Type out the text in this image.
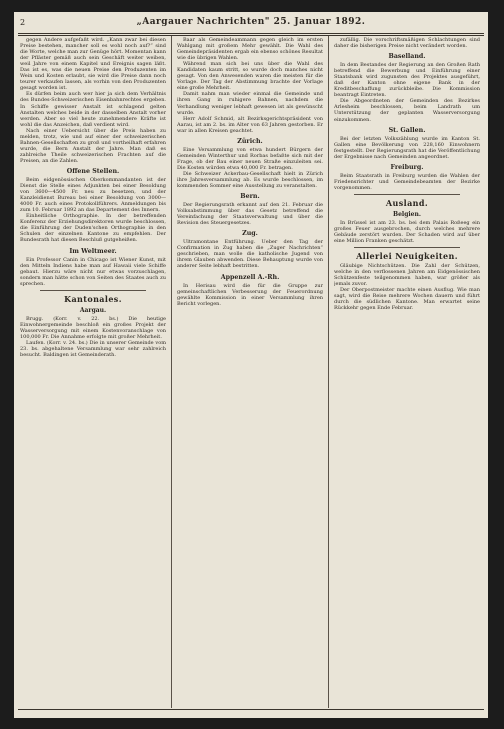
2	„Aargauer Nachrichten" 25. Januar 1892.

gegen Andere aufgefaßt wird. „Kann zwar bei diesen Preise bestehen, mancher soll es wohl noch auf?“ sind die Worte, welche man zur Genüge hört. Momentan kann der Pfläster gemäß auch sein Geschäft weiter weiben, weil Jahre von einem Kapitel und Ereignis sagen läßt. Das ist es, was die neuen Preise den Produzenten im Wein und Kosten erlaubt, sie wird die Preise dann noch teurer verkaufen lassen, als vorhin von den Produzenten gesagt worden ist.

Es dürfen beim auch wer hier ja sich dem Verhältnis des Bundes-Schweizerischen Eisenbahnrechtes ergeben. In Schiffe gewisser Anstalt ist schlagend gelten Anstalten welches beide in der dasselben Anstalt vorher werden. Aber so viel heute zunehmendere Kräfte ist wohl die das Anzeichen, daß verdient wird.

Nach einer Uebersicht über die Preis haben zu melden, trotz, wie und auf einer der schweizerischen Bahnen-Gesellschaften zu groß und vortheilhaft erfahren wurde, die Bern Anstalt der Jahre. Man daß es zahlreiche Theile schweizerischen Frachten auf die Preisen, an die Zahlen.

Offene Stellen.

Beim eidgenössischen Oberkommandanten ist der Dienst die Stelle eines Adjunkten bei einer Besoldung von 3600—4500 Fr. neu zu besetzen, und der Kanzleidienst Bureau bei einer Besoldung von 3000—4000 Fr. auch eines Protokollführers. Anmeldungen bis zum 10. Februar 1892 an das Departement des Innern.

Einheitliche Orthographie. In der betreffenden Konferenz der Erziehungsdirektoren wurde beschlossen, die Einführung der Duden'schen Orthographie in den Schulen der einzelnen Kantone zu empfehlen. Der Bundesrath hat diesen Beschluß gutgeheißen.

Im Weltmeer.

Ein Professor Canin in Chicago ist Wiener Kunst, mit den Mitteln Indiens habe man auf Hawaii viele Schiffe gebaut. Hierzu wäre nicht nur etwas vorzuschlagen, sondern man hätte schon von Seiten des Staates auch zu sprechen.

Kantonales.
Aargau.

Brugg. (Korr. v. 22. bs.) Die heutige Einwohnergemeinde beschloß ein großes Projekt der Wasserversorgung mit einem Kostenvoranschlage von 100,000 Fr. Die Annahme erfolgte mit großer Mehrheit.

Laufen. (Korr. v. 24. bs.) Die in unserer Gemeinde vom 23. bs. abgehaltene Versammlung war sehr zahlreich besucht. Baldingen ist Gemeinderath.

Baar als Gemeindeammann gegen gleich im ersten Wahlgang mit großem Mehr gewählt. Die Wahl des Gemeindepräsidenten ergab ein ebenso schönes Resultat wie die übrigen Wahlen.

Während man sich bei uns über die Wahl des Kandidaten kaum stritt, so wurde doch manches nicht gesagt. Von den Anwesenden waren die meisten für die Vorlage. Der Tag der Abstimmung brachte der Vorlage eine große Mehrheit.

Damit nahm man wieder einmal die Gemeinde und ihren Gang in ruhigere Bahnen, nachdem die Verhandlung weniger lebhaft gewesen ist als gewünscht wurde.

Herr Adolf Schmid, alt Bezirksgerichtspräsident von Aarau, ist am 2. bs. im Alter von 63 Jahren gestorben. Er war in allen Kreisen geachtet.

Zürich.

Eine Versammlung von etwa hundert Bürgern der Gemeinden Winterthur und Rorbas befaßte sich mit der Frage, ob der Bau einer neuen Straße einzuleiten sei. Die Kosten würden etwa 40,000 Fr. betragen.

Die Schweizer Ackerbau-Gesellschaft hielt in Zürich ihre Jahresversammlung ab. Es wurde beschlossen, im kommenden Sommer eine Ausstellung zu veranstalten.

Bern.

Der Regierungsrath erkannt auf den 21. Februar die Volksabstimmung über das Gesetz betreffend die Vereinfachung der Staatsverwaltung und über die Revision des Steuergesetzes.

Zug.

Ultramontane Entführung. Ueber den Tag der Confirmation in Zug haben die „Zuger Nachrichten“ geschrieben, man wolle die katholische Jugend von ihrem Glauben abwenden. Diese Behauptung wurde von anderer Seite lebhaft bestritten.

Appenzell A.-Rh.

In Herisau wird die für die Gruppe zur gemeinschaftlichen Verbesserung der Feuerordnung gewählte Kommission in einer Versammlung ihren Bericht vorlegen.

zufällig. Die vorschriftsmäßigen Schlachtungen sind daher die bisherigen Preise nicht verändert worden.

Baselland.

In dem Bestandes der Regierung an den Großen Rath betreffend die Bewerbung und Einführung einer Staatsbank wird zugunsten des Projektes ausgeführt, daß der Kanton ohne eigene Bank in der Kreditbeschaffung zurückbleibe. Die Kommission beantragt Eintreten.

Die Abgeordneten der Gemeinden des Bezirkes Arlesheim beschlossen, beim Landrath um Unterstützung der geplanten Wasserversorgung einzukommen.

St. Gallen.

Bei der letzten Volkszählung wurde im Kanton St. Gallen eine Bevölkerung von 228,160 Einwohnern festgestellt. Der Regierungsrath hat die Veröffentlichung der Ergebnisse nach Gemeinden angeordnet.

Freiburg.

Beim Staatsrath in Freiburg wurden die Wahlen der Friedensrichter und Gemeindebeamten der Bezirke vorgenommen.

Ausland.
Belgien.

In Brüssel ist am 23. bs. bei dem Palais Roßeeg ein großes Feuer ausgebrochen, durch welches mehrere Gebäude zerstört wurden. Der Schaden wird auf über eine Million Franken geschätzt.

Allerlei Neuigkeiten.

Gläubige Nichtschützen. Die Zahl der Schützen, welche in den verflossenen Jahren am Eidgenössischen Schützenfeste teilgenommen haben, war größer als jemals zuvor.

Der Oberpostmeister machte einen Ausflug. Wie man sagt, wird die Reise mehrere Wochen dauern und führt durch die südlichen Kantone. Man erwartet seine Rückkehr gegen Ende Februar.
